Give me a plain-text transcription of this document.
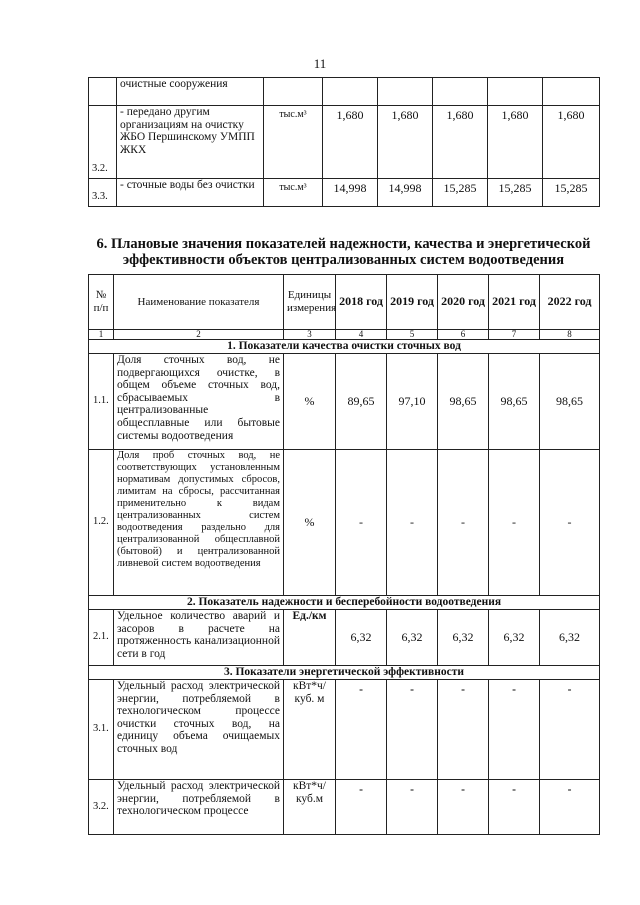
11
	очистные сооружения						
3.2.	- передано другим организациям на очистку ЖБО Першинскому УМПП ЖКХ	тыс.м³	1,680	1,680	1,680	1,680	1,680
3.3.	- сточные воды без очистки	тыс.м³	14,998	14,998	15,285	15,285	15,285
6. Плановые значения показателей надежности, качества и энергетической эффективности объектов централизованных систем водоотведения
№ п/п	Наименование показателя	Единицы измерения	2018 год	2019 год	2020 год	2021 год	2022 год
1	2	3	4	5	6	7	8
1. Показатели качества очистки сточных вод							
1.1.	Доля сточных вод, не подвергающихся очистке, в общем объеме сточных вод, сбрасываемых в централизованные общесплавные или бытовые системы водоотведения	%	89,65	97,10	98,65	98,65	98,65
1.2.	Доля проб сточных вод, не соответствующих установленным нормативам допустимых сбросов, лимитам на сбросы, рассчитанная применительно к видам централизованных систем водоотведения раздельно для централизованной общесплавной (бытовой) и централизованной ливневой систем водоотведения	%	-	-	-	-	-
2. Показатель надежности и бесперебойности водоотведения							
2.1.	Удельное количество аварий и засоров в расчете на протяженность канализационной сети в год	Ед./км	6,32	6,32	6,32	6,32	6,32
3. Показатели энергетической эффективности							
3.1.	Удельный расход электрической энергии, потребляемой в технологическом процессе очистки сточных вод, на единицу объема очищаемых сточных вод	кВт*ч/ куб. м	-	-	-	-	-
3.2.	Удельный расход электрической энергии, потребляемой в технологическом процессе	кВт*ч/ куб.м	-	-	-	-	-
